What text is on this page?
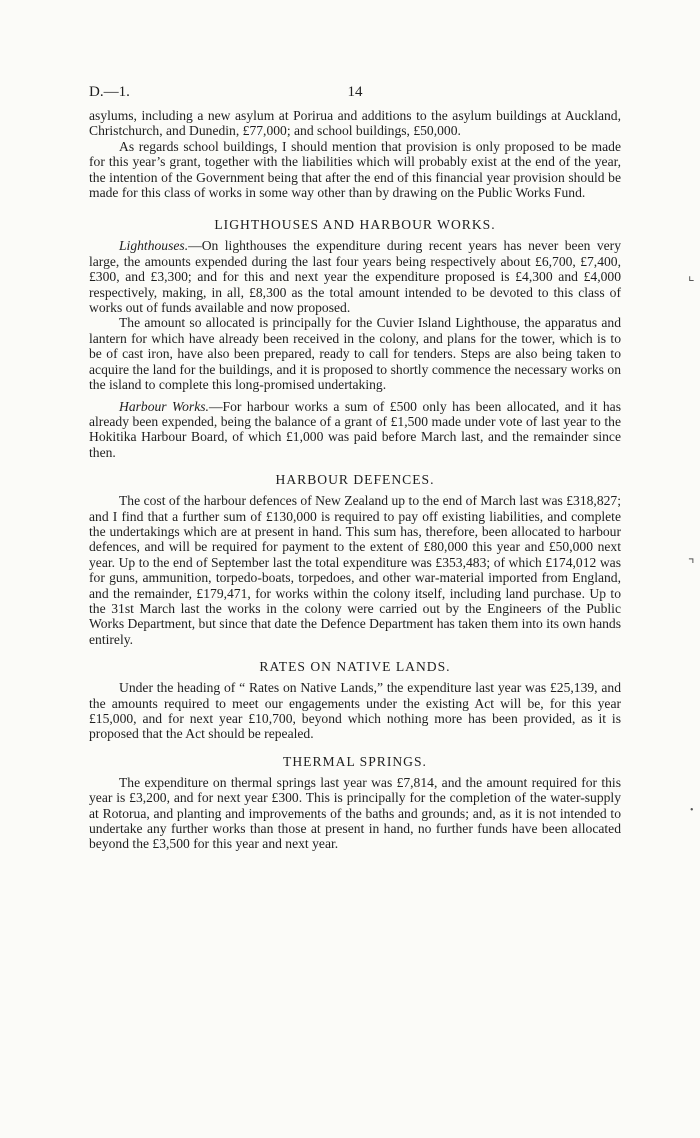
D.—1.	14

asylums, including a new asylum at Porirua and additions to the asylum buildings at Auckland, Christchurch, and Dunedin, £77,000; and school buildings, £50,000.

As regards school buildings, I should mention that provision is only proposed to be made for this year’s grant, together with the liabilities which will probably exist at the end of the year, the intention of the Government being that after the end of this financial year provision should be made for this class of works in some way other than by drawing on the Public Works Fund.

LIGHTHOUSES AND HARBOUR WORKS.

Lighthouses.—On lighthouses the expenditure during recent years has never been very large, the amounts expended during the last four years being respectively about £6,700, £7,400, £300, and £3,300; and for this and next year the expenditure proposed is £4,300 and £4,000 respectively, making, in all, £8,300 as the total amount intended to be devoted to this class of works out of funds available and now proposed.

The amount so allocated is principally for the Cuvier Island Lighthouse, the apparatus and lantern for which have already been received in the colony, and plans for the tower, which is to be of cast iron, have also been prepared, ready to call for tenders. Steps are also being taken to acquire the land for the buildings, and it is proposed to shortly commence the necessary works on the island to complete this long-promised undertaking.

Harbour Works.—For harbour works a sum of £500 only has been allocated, and it has already been expended, being the balance of a grant of £1,500 made under vote of last year to the Hokitika Harbour Board, of which £1,000 was paid before March last, and the remainder since then.

HARBOUR DEFENCES.

The cost of the harbour defences of New Zealand up to the end of March last was £318,827; and I find that a further sum of £130,000 is required to pay off existing liabilities, and complete the undertakings which are at present in hand. This sum has, therefore, been allocated to harbour defences, and will be required for payment to the extent of £80,000 this year and £50,000 next year. Up to the end of September last the total expenditure was £353,483; of which £174,012 was for guns, ammunition, torpedo-boats, torpedoes, and other war-material imported from England, and the remainder, £179,471, for works within the colony itself, including land purchase. Up to the 31st March last the works in the colony were carried out by the Engineers of the Public Works Department, but since that date the Defence Department has taken them into its own hands entirely.

RATES ON NATIVE LANDS.

Under the heading of “ Rates on Native Lands,” the expenditure last year was £25,139, and the amounts required to meet our engagements under the existing Act will be, for this year £15,000, and for next year £10,700, beyond which nothing more has been provided, as it is proposed that the Act should be repealed.

THERMAL SPRINGS.

The expenditure on thermal springs last year was £7,814, and the amount required for this year is £3,200, and for next year £300. This is principally for the completion of the water-supply at Rotorua, and planting and improvements of the baths and grounds; and, as it is not intended to undertake any further works than those at present in hand, no further funds have been allocated beyond the £3,500 for this year and next year.

⌞
⌝
•
